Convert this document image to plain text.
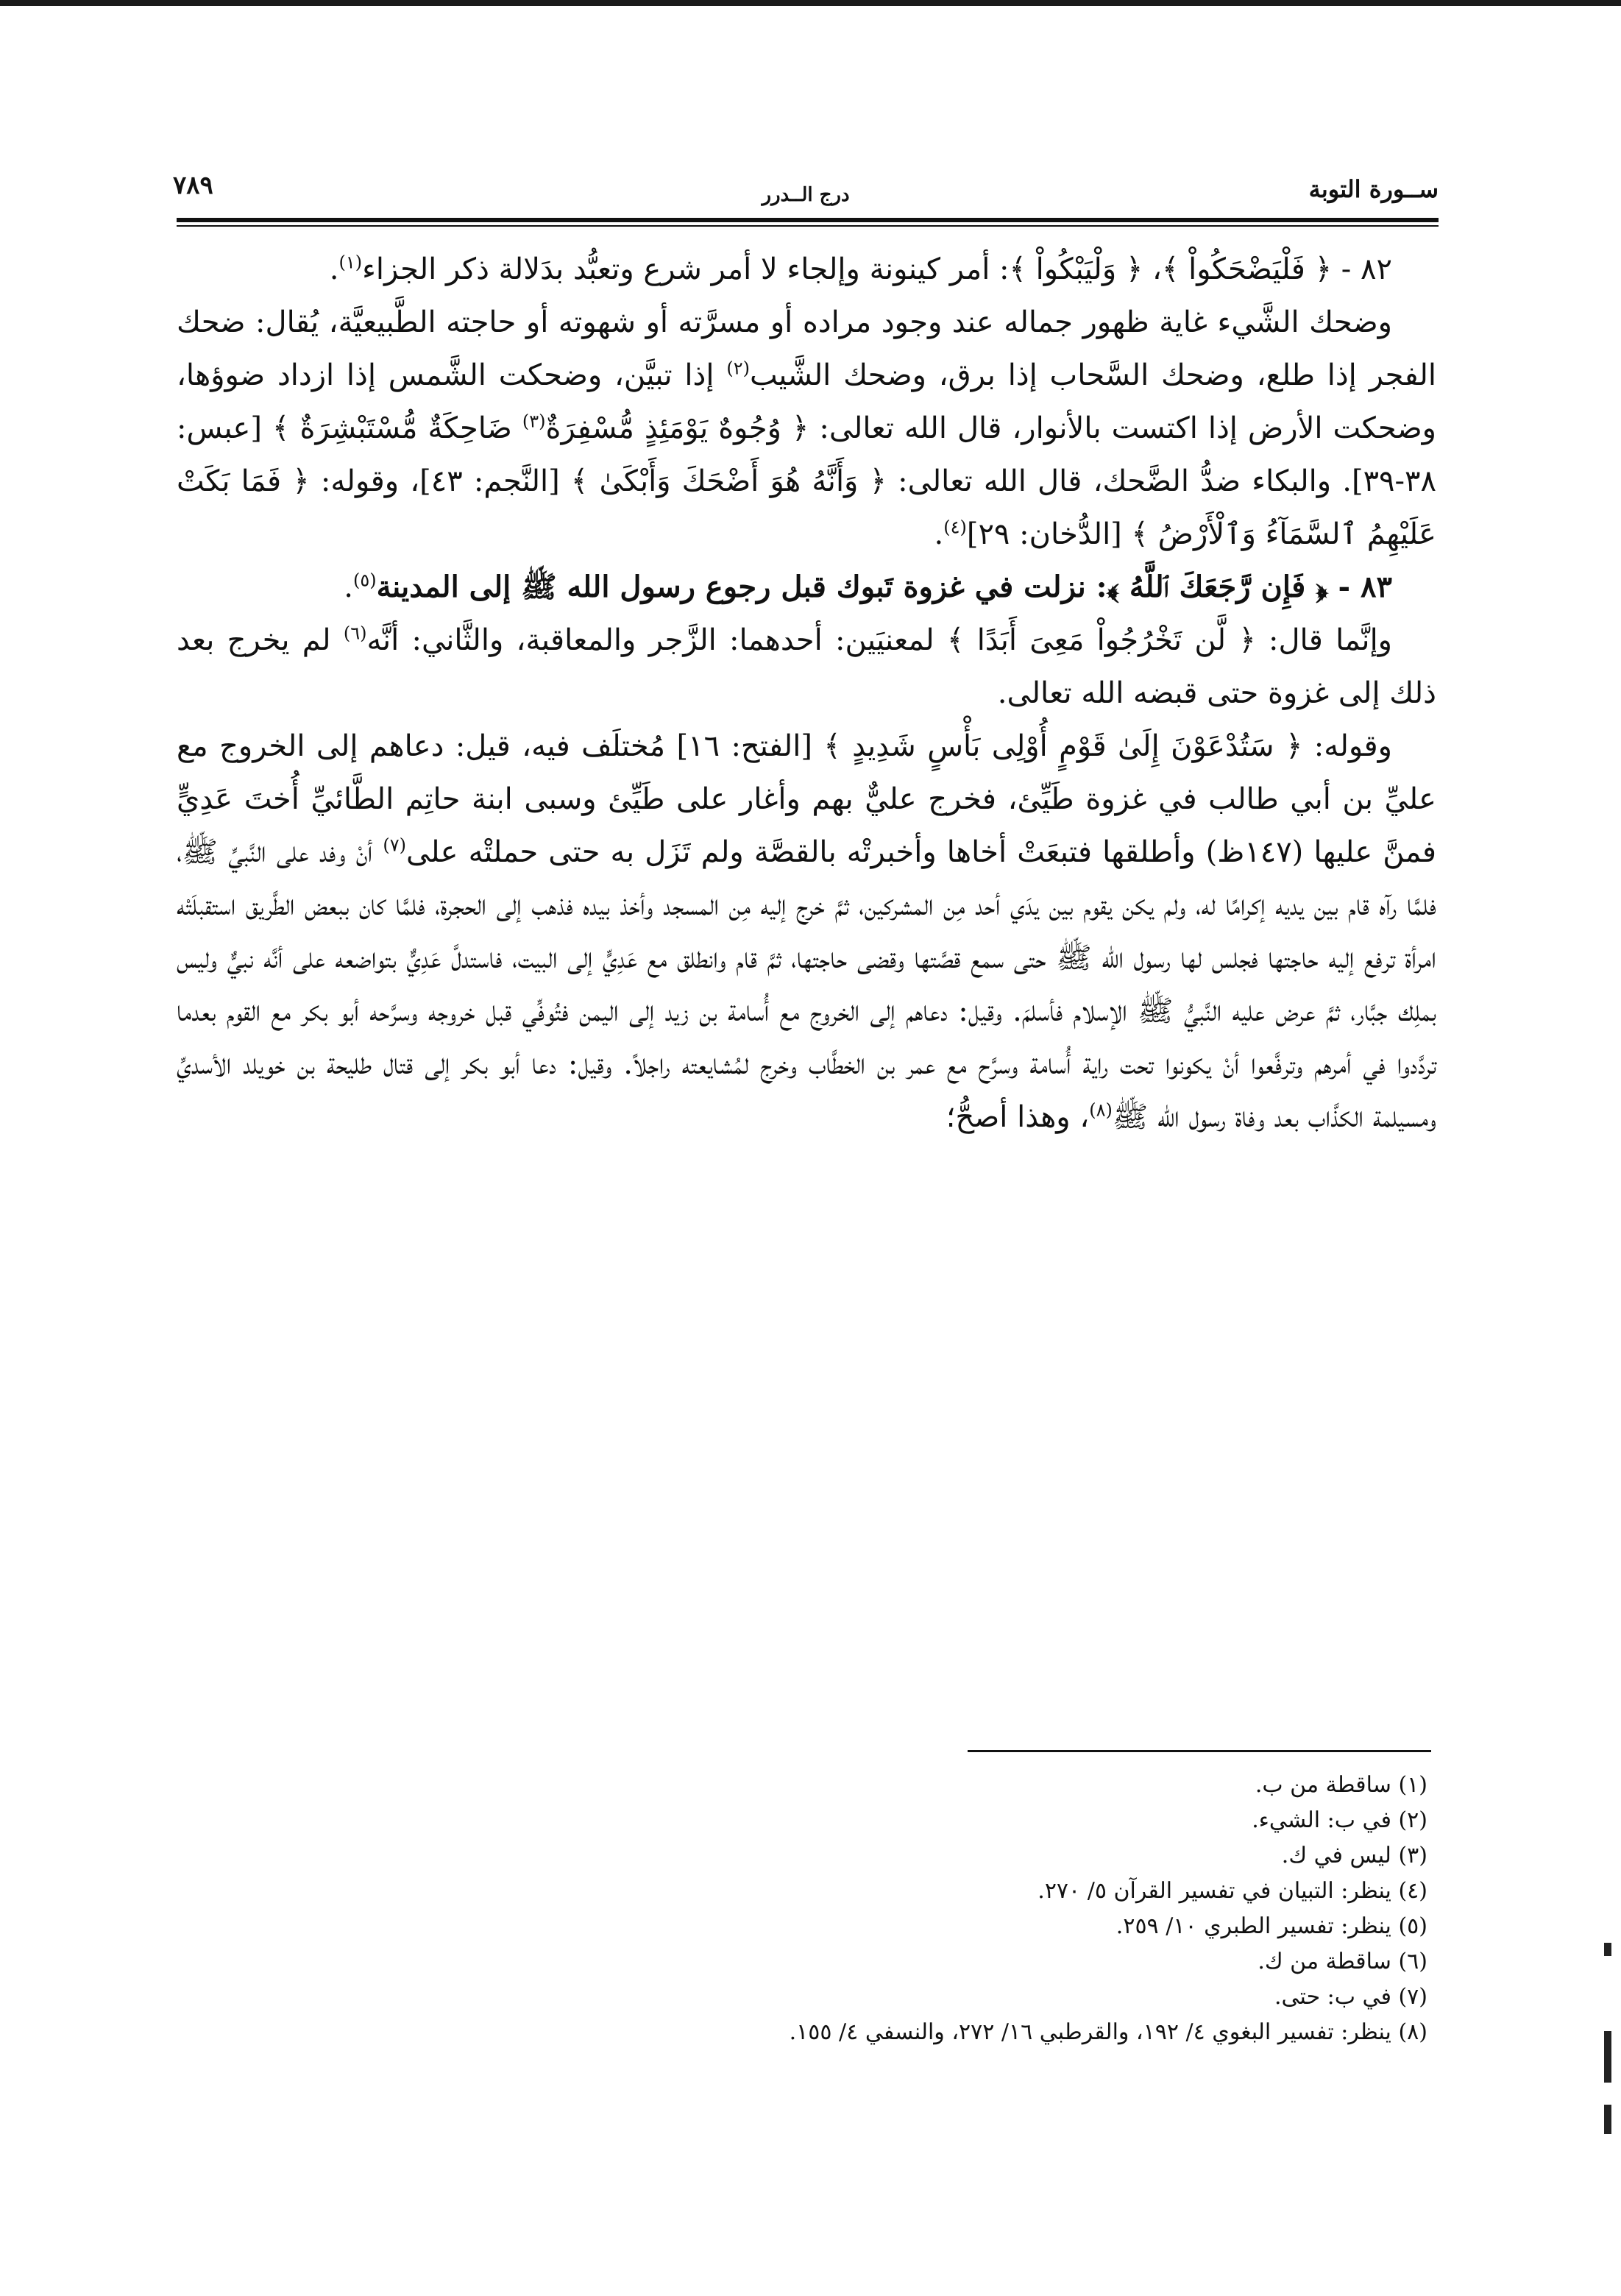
ســورة التوبة
درج الــدرر
٧٨٩

٨٢ - ﴿ فَلْيَضْحَكُواْ ﴾، ﴿ وَلْيَبْكُواْ ﴾: أمر كينونة وإلجاء لا أمر شرع وتعبُّد بدَلالة ذكر الجزاء$^{(١)}$.

وضحك الشَّيء غاية ظهور جماله عند وجود مراده أو مسرَّته أو شهوته أو حاجته الطَّبيعيَّة، يُقال: ضحك الفجر إذا طلع، وضحك السَّحاب إذا برق، وضحك الشَّيب$^{(٢)}$ إذا تبيَّن، وضحكت الشَّمس إذا ازداد ضوؤها، وضحكت الأرض إذا اكتست بالأنوار، قال الله تعالى: ﴿ وُجُوهٌ يَوْمَئِذٍ مُّسْفِرَةٌ$^{(٣)}$ ضَاحِكَةٌ مُّسْتَبْشِرَةٌ ﴾ [عبس: ٣٨-٣٩]. والبكاء ضدُّ الضَّحك، قال الله تعالى: ﴿ وَأَنَّهُ هُوَ أَضْحَكَ وَأَبْكَىٰ ﴾ [النَّجم: ٤٣]، وقوله: ﴿ فَمَا بَكَتْ عَلَيْهِمُ ٱلسَّمَآءُ وَٱلْأَرْضُ ﴾ [الدُّخان: ٢٩]$^{(٤)}$.

٨٣ - ﴿ فَإِن رَّجَعَكَ ٱللَّهُ ﴾: نزلت في غزوة تَبوك قبل رجوع رسول الله ﷺ إلى المدينة$^{(٥)}$.

وإنَّما قال: ﴿ لَّن تَخْرُجُواْ مَعِىَ أَبَدًا ﴾ لمعنيَين: أحدهما: الزَّجر والمعاقبة، والثَّاني: أنَّه$^{(٦)}$ لم يخرج بعد ذلك إلى غزوة حتى قبضه الله تعالى.

وقوله: ﴿ سَتُدْعَوْنَ إِلَىٰ قَوْمٍ أُوْلِى بَأْسٍ شَدِيدٍ ﴾ [الفتح: ١٦] مُختلَف فيه، قيل: دعاهم إلى الخروج مع عليِّ بن أبي طالب في غزوة طَيِّئ، فخرج عليٌّ بهم وأغار على طَيِّئ وسبى ابنة حاتِم الطَّائيِّ أُختَ عَدِيٍّ فمنَّ عليها (١٤٧ظ) وأطلقها فتبعَتْ أخاها وأخبرتْه بالقصَّة ولم تَزَل به حتى حملتْه على$^{(٧)}$ أنْ وفد على النَّبيِّ ﷺ، فلمَّا رآه قام بين يديه إكرامًا له، ولم يكن يقوم بين يدَي أحد مِن المشركين، ثمَّ خرج إليه مِن المسجد وأخذ بيده فذهب إلى الحجرة، فلمَّا كان ببعض الطَّريق استقبلَتْه امرأة ترفع إليه حاجتها فجلس لها رسول الله ﷺ حتى سمع قصَّتها وقضى حاجتها، ثمَّ قام وانطلق مع عَدِيٍّ إلى البيت، فاستدلَّ عَدِيٌّ بتواضعه على أنَّه نبيٌّ وليس بملِك جبَّار، ثمَّ عرض عليه النَّبيُّ ﷺ الإسلام فأسلمَ. وقيل: دعاهم إلى الخروج مع أُسامة بن زيد إلى اليمن فتُوفِّي قبل خروجه وسرَّحه أبو بكر مع القوم بعدما تردَّدوا في أمرهم وترفَّعوا أنْ يكونوا تحت راية أُسامة وسرَّح مع عمر بن الخطَّاب وخرج لمُشايعته راجلاً. وقيل: دعا أبو بكر إلى قتال طليحة بن خويلد الأسديِّ ومسيلمة الكذَّاب بعد وفاة رسول الله ﷺ$^{(٨)}$، وهذا أصحُّ؛

(١) ساقطة من ب.
(٢) في ب: الشيء.
(٣) ليس في ك.
(٤) ينظر: التبيان في تفسير القرآن ٥/ ٢٧٠.
(٥) ينظر: تفسير الطبري ١٠/ ٢٥٩.
(٦) ساقطة من ك.
(٧) في ب: حتى.
(٨) ينظر: تفسير البغوي ٤/ ١٩٢، والقرطبي ١٦/ ٢٧٢، والنسفي ٤/ ١٥٥.
